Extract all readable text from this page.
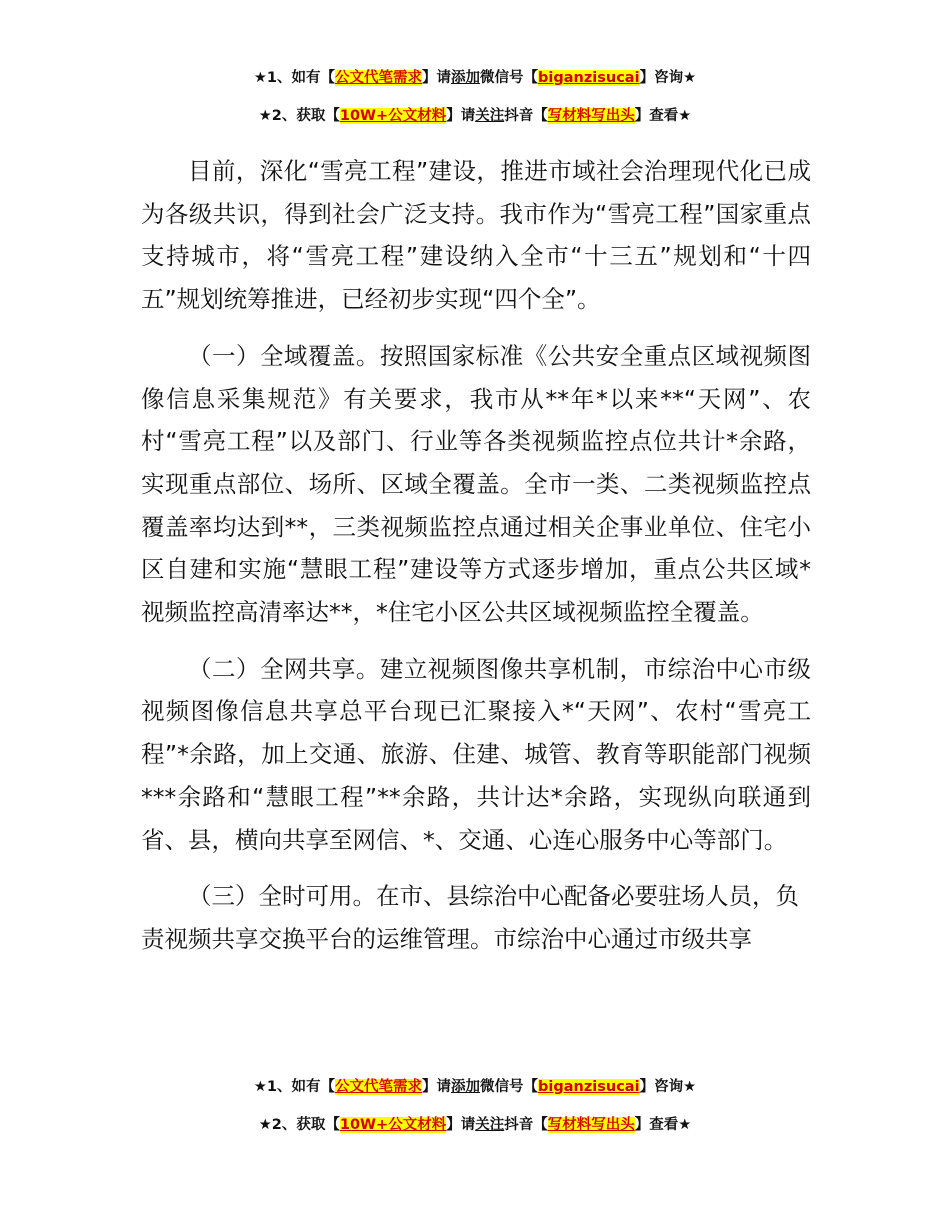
★1、如有【公文代笔需求】请添加微信号【biganzisucai】咨询★
★2、获取【10W+公文材料】请关注抖音【写材料写出头】查看★

目前，深化“雪亮工程”建设，推进市域社会治理现代化已成为各级共识，得到社会广泛支持。我市作为“雪亮工程”国家重点支持城市，将“雪亮工程”建设纳入全市“十三五”规划和“十四五”规划统筹推进，已经初步实现“四个全”。

（一）全域覆盖。按照国家标准《公共安全重点区域视频图像信息采集规范》有关要求，我市从**年*以来**“天网”、农村“雪亮工程”以及部门、行业等各类视频监控点位共计*余路，实现重点部位、场所、区域全覆盖。全市一类、二类视频监控点覆盖率均达到**，三类视频监控点通过相关企事业单位、住宅小区自建和实施“慧眼工程”建设等方式逐步增加，重点公共区域*视频监控高清率达**，*住宅小区公共区域视频监控全覆盖。

（二）全网共享。建立视频图像共享机制，市综治中心市级视频图像信息共享总平台现已汇聚接入*“天网”、农村“雪亮工程”*余路，加上交通、旅游、住建、城管、教育等职能部门视频***余路和“慧眼工程”**余路，共计达*余路，实现纵向联通到省、县，横向共享至网信、*、交通、心连心服务中心等部门。

（三）全时可用。在市、县综治中心配备必要驻场人员，负责视频共享交换平台的运维管理。市综治中心通过市级共享

★1、如有【公文代笔需求】请添加微信号【biganzisucai】咨询★
★2、获取【10W+公文材料】请关注抖音【写材料写出头】查看★
